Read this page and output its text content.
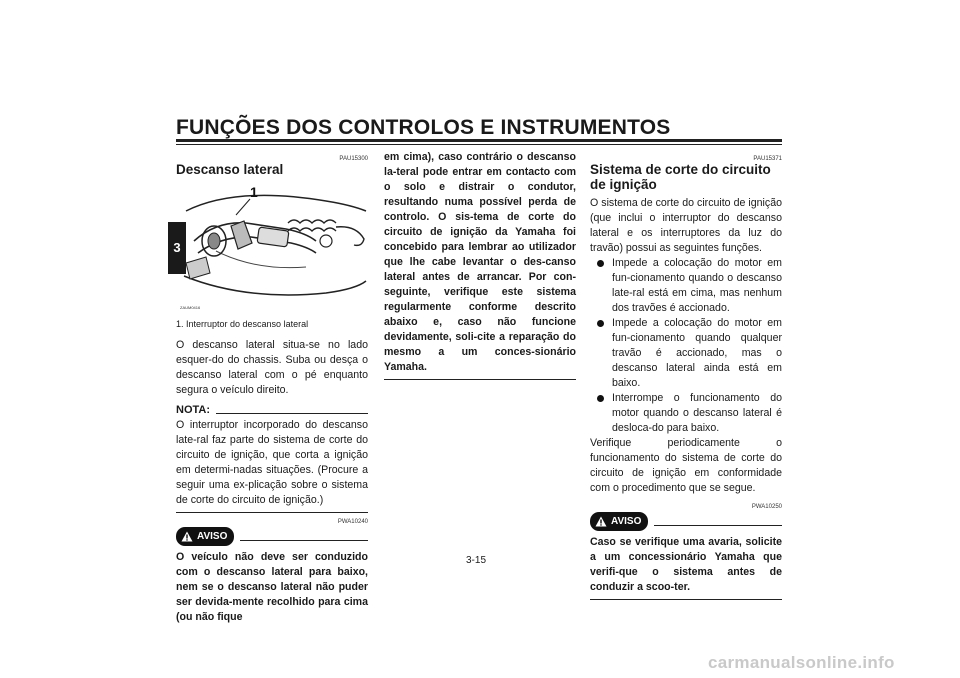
FUNÇÕES DOS CONTROLOS E INSTRUMENTOS
3
PAU15300
Descanso lateral
1
ZAUM0416
1. Interruptor do descanso lateral

O descanso lateral situa-se no lado esquer-do do chassis. Suba ou desça o descanso lateral com o pé enquanto segura o veículo direito.

NOTA:

O interruptor incorporado do descanso late-ral faz parte do sistema de corte do circuito de ignição, que corta a ignição em determi-nadas situações. (Procure a seguir uma ex-plicação sobre o sistema de corte do circuito de ignição.)

PWA10240
AVISO

O veículo não deve ser conduzido com o descanso lateral para baixo, nem se o descanso lateral não puder ser devida-mente recolhido para cima (ou não fique

em cima), caso contrário o descanso la-teral pode entrar em contacto com o solo e distrair o condutor, resultando numa possível perda de controlo. O sis-tema de corte do circuito de ignição da Yamaha foi concebido para lembrar ao utilizador que lhe cabe levantar o des-canso lateral antes de arrancar. Por con-seguinte, verifique este sistema regularmente conforme descrito abaixo e, caso não funcione devidamente, soli-cite a reparação do mesmo a um conces-sionário Yamaha.

PAU15371
Sistema de corte do circuito de ignição

O sistema de corte do circuito de ignição (que inclui o interruptor do descanso lateral e os interruptores da luz do travão) possui as seguintes funções.

Impede a colocação do motor em fun-cionamento quando o descanso late-ral está em cima, mas nenhum dos travões é accionado.
Impede a colocação do motor em fun-cionamento quando qualquer travão é accionado, mas o descanso lateral ainda está em baixo.
Interrompe o funcionamento do motor quando o descanso lateral é desloca-do para baixo.

Verifique periodicamente o funcionamento do sistema de corte do circuito de ignição em conformidade com o procedimento que se segue.

PWA10250
AVISO

Caso se verifique uma avaria, solicite a um concessionário Yamaha que verifi-que o sistema antes de conduzir a scoo-ter.

3-15
carmanualsonline.info
